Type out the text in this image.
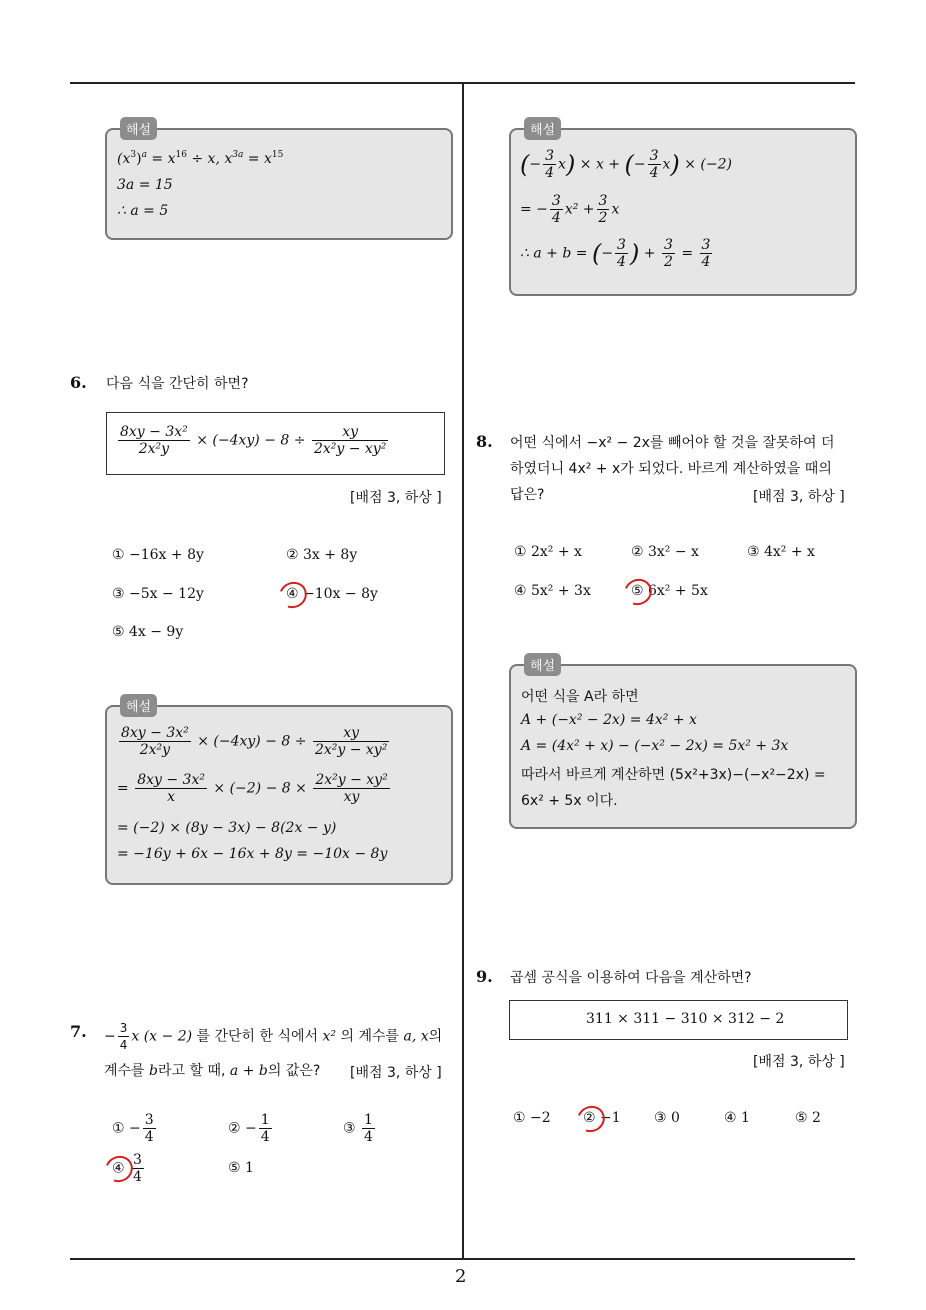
2
해설
$(x^3)^a = x^{16} \div x$, $x^{3a} = x^{15}$
3a = 15
∴ a = 5
6. 다음 식을 간단히 하면?
$\frac{\text{8xy − 3x²}}{\text{2x²y}} \times (-4xy) - 8 \div \frac{xy}{\text{2x²y − xy²}}$
[배점 3, 하상 ]
① −16x + 8y	② 3x + 8y
③ −5x − 12y	④ −10x − 8y
⑤ 4x − 9y
해설
$\frac{\text{8xy − 3x²}}{\text{2x²y}} \times (-4xy) - 8 \div \frac{xy}{\text{2x²y − xy²}}$
= $\frac{\text{8xy − 3x²}}{x} \times (-2) - 8 \times \frac{\text{2x²y − xy²}}{xy}$
= (−2) × (8y − 3x) − 8(2x − y)
= −16y + 6x − 16x + 8y = −10x − 8y
7. − $\frac{3}{4}$ x (x − 2) 를 간단히 한 식에서 x² 의 계수를 a, x의
계수를 b라고 할 때, a + b의 값은? [배점 3, 하상 ]
① − $\frac{3}{4}$	② − $\frac{1}{4}$	③ $\frac{1}{4}$
④ $\frac{3}{4}$	⑤ 1
해설
(− $\frac{3}{4} x) \times x$ + (− $\frac{3}{4} x) \times (-2)$
= − $\frac{3}{4} x^2 + \frac{3}{2}$ x
∴ a + b = (− $\frac{3}{4}$ ) + $\frac{3}{2} = \frac{3}{4}$
8. 어떤 식에서 −x² − 2x를 빼어야 할 것을 잘못하여 더
하였더니 4x² + x가 되었다. 바르게 계산하였을 때의
답은?	[배점 3, 하상 ]
① 2x² + x	② 3x² − x	③ 4x² + x
④ 5x² + 3x	⑤ 6x² + 5x
해설
어떤 식을 A라 하면
A + (−x² − 2x) = 4x² + x
A = (4x² + x) − (−x² − 2x) = 5x² + 3x
따라서 바르게 계산하면 (5x²+3x)−(−x²−2x) =
6x² + 5x 이다.
9. 곱셈 공식을 이용하여 다음을 계산하면?
311 × 311 − 310 × 312 − 2
[배점 3, 하상 ]
① −2 ② −1 ③ 0	④ 1	⑤ 2
